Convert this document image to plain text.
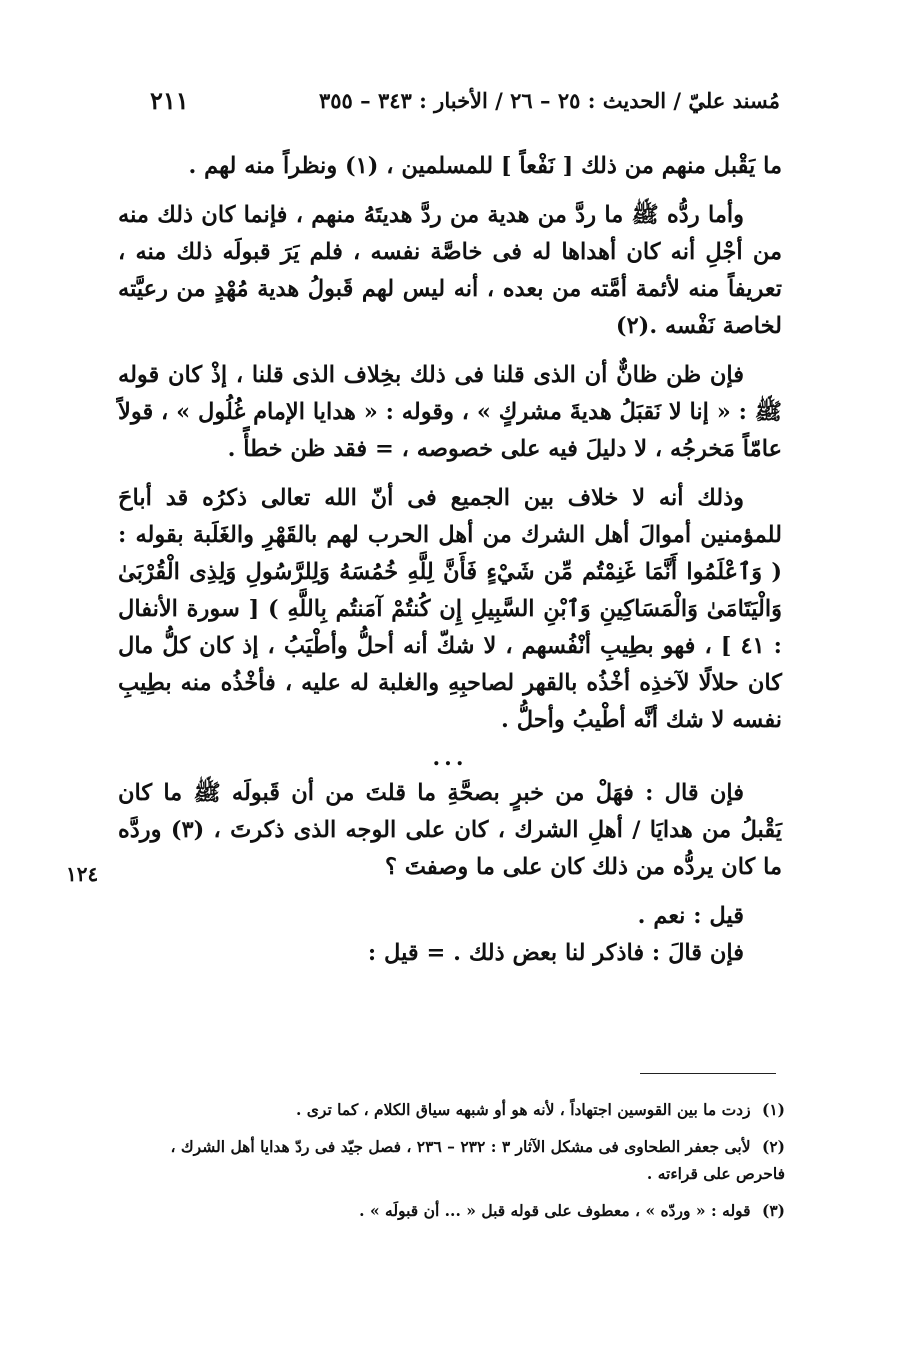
مُسند عليّ / الحديث : ٢٥ – ٢٦ / الأخبار : ٣٤٣ – ٣٥٥
٢١١

ما يَقْبل منهم من ذلك [ نَفْعاً ] للمسلمين ، (١) ونظراً منه لهم .

وأما ردُّه ﷺ ما ردَّ من هدية من ردَّ هديتَهُ منهم ، فإنما كان ذلك منه من أجْلِ أنه كان أهداها له فى خاصَّة نفسه ، فلم يَرَ قبولَه ذلك منه ، تعريفاً منه لأئمة أمَّته من بعده ، أنه ليس لهم قَبولُ هدية مُهْدٍ من رعيَّته لخاصة نَفْسه .(٢)

فإن ظن ظانٌّ أن الذى قلنا فى ذلك بخِلاف الذى قلنا ، إذْ كان قوله ﷺ : « إنا لا نَقبَلُ هديةَ مشركٍ » ، وقوله : « هدايا الإمام غُلُول » ، قولاً عامّاً مَخرجُه ، لا دليلَ فيه على خصوصه ، = فقد ظن خطأً .

وذلك أنه لا خلاف بين الجميع فى أنّ الله تعالى ذكرُه قد أباحَ للمؤمنين أموالَ أهل الشرك من أهل الحرب لهم بالقَهْرِ والغَلَبة بقوله : ( وَٱعْلَمُوا أَنَّمَا غَنِمْتُم مِّن شَيْءٍ فَأَنَّ لِلَّهِ خُمُسَهُ وَلِلرَّسُولِ وَلِذِى الْقُرْبَىٰ وَالْيَتَامَىٰ وَالْمَسَاكِينِ وَٱبْنِ السَّبِيلِ إِن كُنتُمْ آمَنتُم بِاللَّهِ ) [ سورة الأنفال : ٤١ ] ، فهو بطِيبِ أنْفُسهم ، لا شكّ أنه أحلُّ وأطْيَبُ ، إذ كان كلُّ مال كان حلالًا لآخذِه أخْذُه بالقهر لصاحبِهِ والغلبة له عليه ، فأخْذُه منه بطِيبِ نفسه لا شك أنَّه أطْيبُ وأحلُّ .

...

فإن قال : فهَلْ من خبرٍ بصحَّةِ ما قلتَ من أن قَبولَه ﷺ ما كان يَقْبلُ من هدايَا / أهلِ الشرك ، كان على الوجه الذى ذكرتَ ، (٣) وردَّه ما كان يردُّه من ذلك كان على ما وصفتَ ؟

قيل : نعم .

فإن قالَ : فاذكر لنا بعض ذلك . = قيل :

١٢٤

(١) زدت ما بين القوسين اجتهاداً ، لأنه هو أو شبهه سياق الكلام ، كما ترى .

(٢) لأبى جعفر الطحاوى فى مشكل الآثار ٣ : ٢٣٢ – ٢٣٦ ، فصل جيّد فى ردّ هدايا أهل الشرك ، فاحرص على قراءته .

(٣) قوله : « وردّه » ، معطوف على قوله قبل « ... أن قبولَه » .
